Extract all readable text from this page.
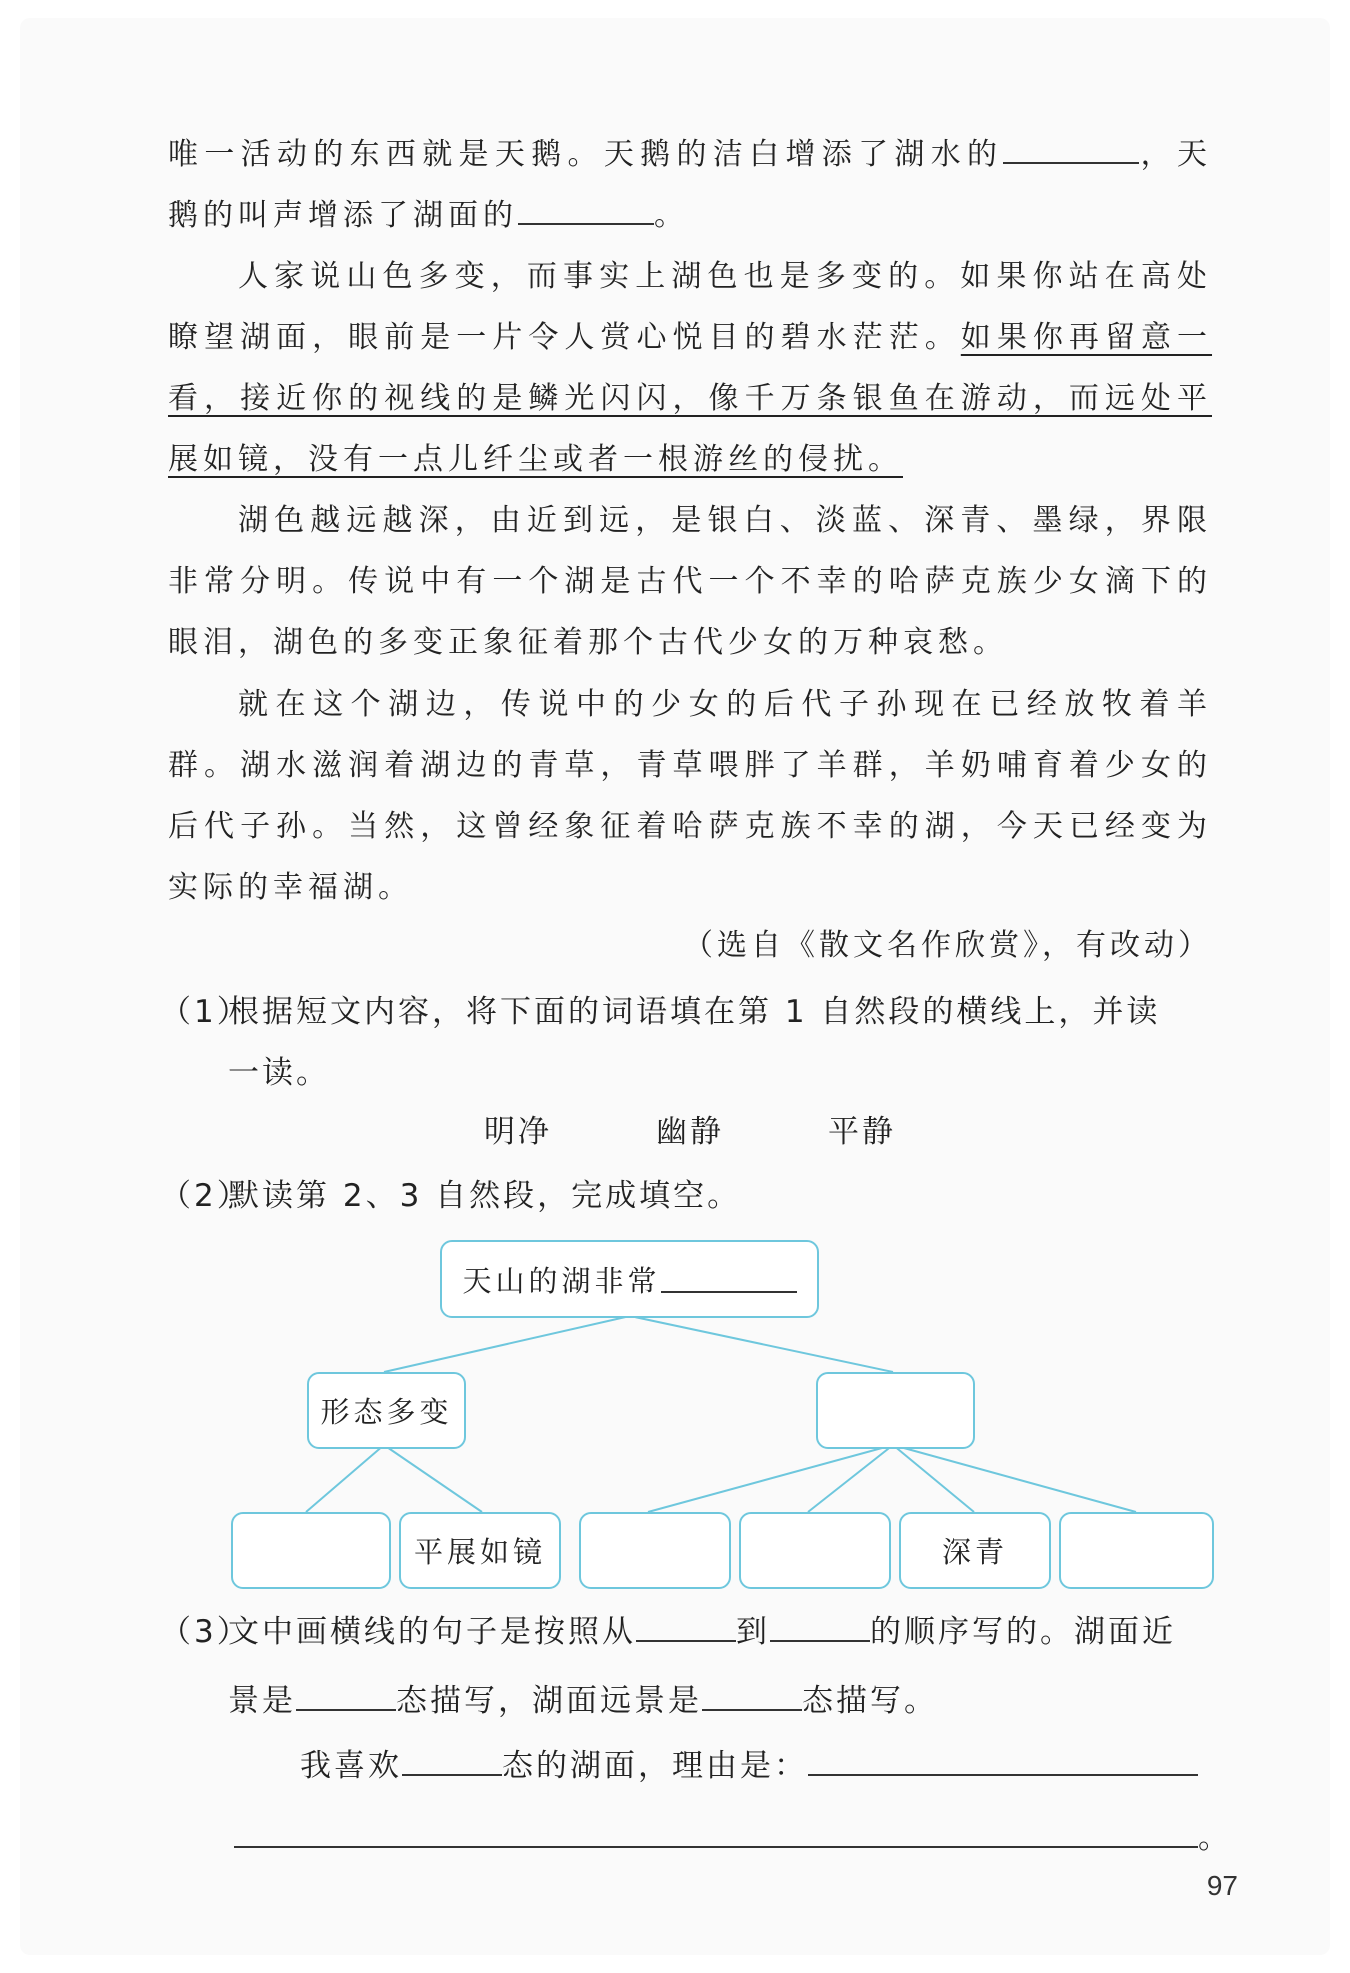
唯一活动的东西就是天鹅。天鹅的洁白增添了湖水的	，天鹅的叫声增添了湖面的	。

人家说山色多变，而事实上湖色也是多变的。如果你站在高处瞭望湖面，眼前是一片令人赏心悦目的碧水茫茫。如果你再留意一看，接近你的视线的是鳞光闪闪，像千万条银鱼在游动，而远处平展如镜，没有一点儿纤尘或者一根游丝的侵扰。

湖色越远越深，由近到远，是银白、淡蓝、深青、墨绿，界限非常分明。传说中有一个湖是古代一个不幸的哈萨克族少女滴下的眼泪，湖色的多变正象征着那个古代少女的万种哀愁。

就在这个湖边，传说中的少女的后代子孙现在已经放牧着羊群。湖水滋润着湖边的青草，青草喂胖了羊群，羊奶哺育着少女的后代子孙。当然，这曾经象征着哈萨克族不幸的湖，今天已经变为实际的幸福湖。

（选自《散文名作欣赏》，有改动）
（1）根据短文内容，将下面的词语填在第 1 自然段的横线上，并读
一读。
明净	幽静	平静
（2）默读第 2、3 自然段，完成填空。
天山的湖非常
形态多变
平展如镜	深青
（3）文中画横线的句子是按照从	到	的顺序写的。湖面近
景是	态描写，湖面远景是	态描写。
我喜欢	态的湖面，理由是：
。
97
